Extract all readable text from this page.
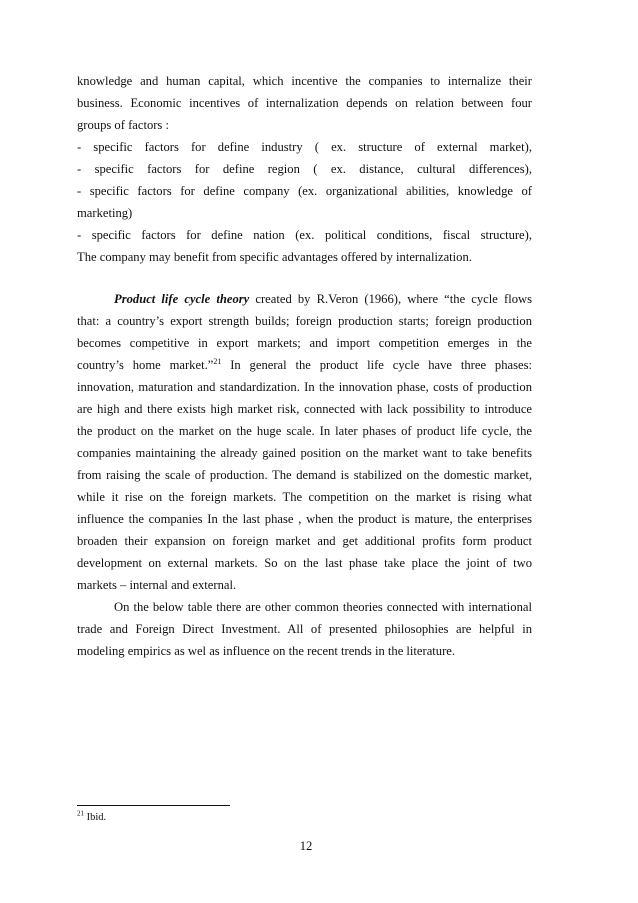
knowledge and human capital, which incentive the companies to internalize their
business. Economic incentives of internalization depends on relation between four
groups of factors :
- specific factors for define industry ( ex. structure of external market),
- specific factors for define region ( ex. distance, cultural differences),
- specific factors for define company (ex. organizational abilities, knowledge of
marketing)
- specific factors for define nation (ex. political conditions, fiscal structure),
The company may benefit from specific advantages offered by internalization.
Product life cycle theory created by R.Veron (1966), where “the cycle flows
that: a country’s export strength builds; foreign production starts; foreign production
becomes competitive in export markets; and import competition emerges in the
country’s home market.”$^{21}$ In general the product life cycle have three phases:
innovation, maturation and standardization. In the innovation phase, costs of production
are high and there exists high market risk, connected with lack possibility to introduce
the product on the market on the huge scale. In later phases of product life cycle, the
companies maintaining the already gained position on the market want to take benefits
from raising the scale of production. The demand is stabilized on the domestic market,
while it rise on the foreign markets. The competition on the market is rising what
influence the companies In the last phase , when the product is mature, the enterprises
broaden their expansion on foreign market and get additional profits form product
development on external markets. So on the last phase take place the joint of two
markets – internal and external.
On the below table there are other common theories connected with international
trade and Foreign Direct Investment. All of presented philosophies are helpful in
modeling empirics as wel as influence on the recent trends in the literature.
$^{21}$ Ibid.
12
